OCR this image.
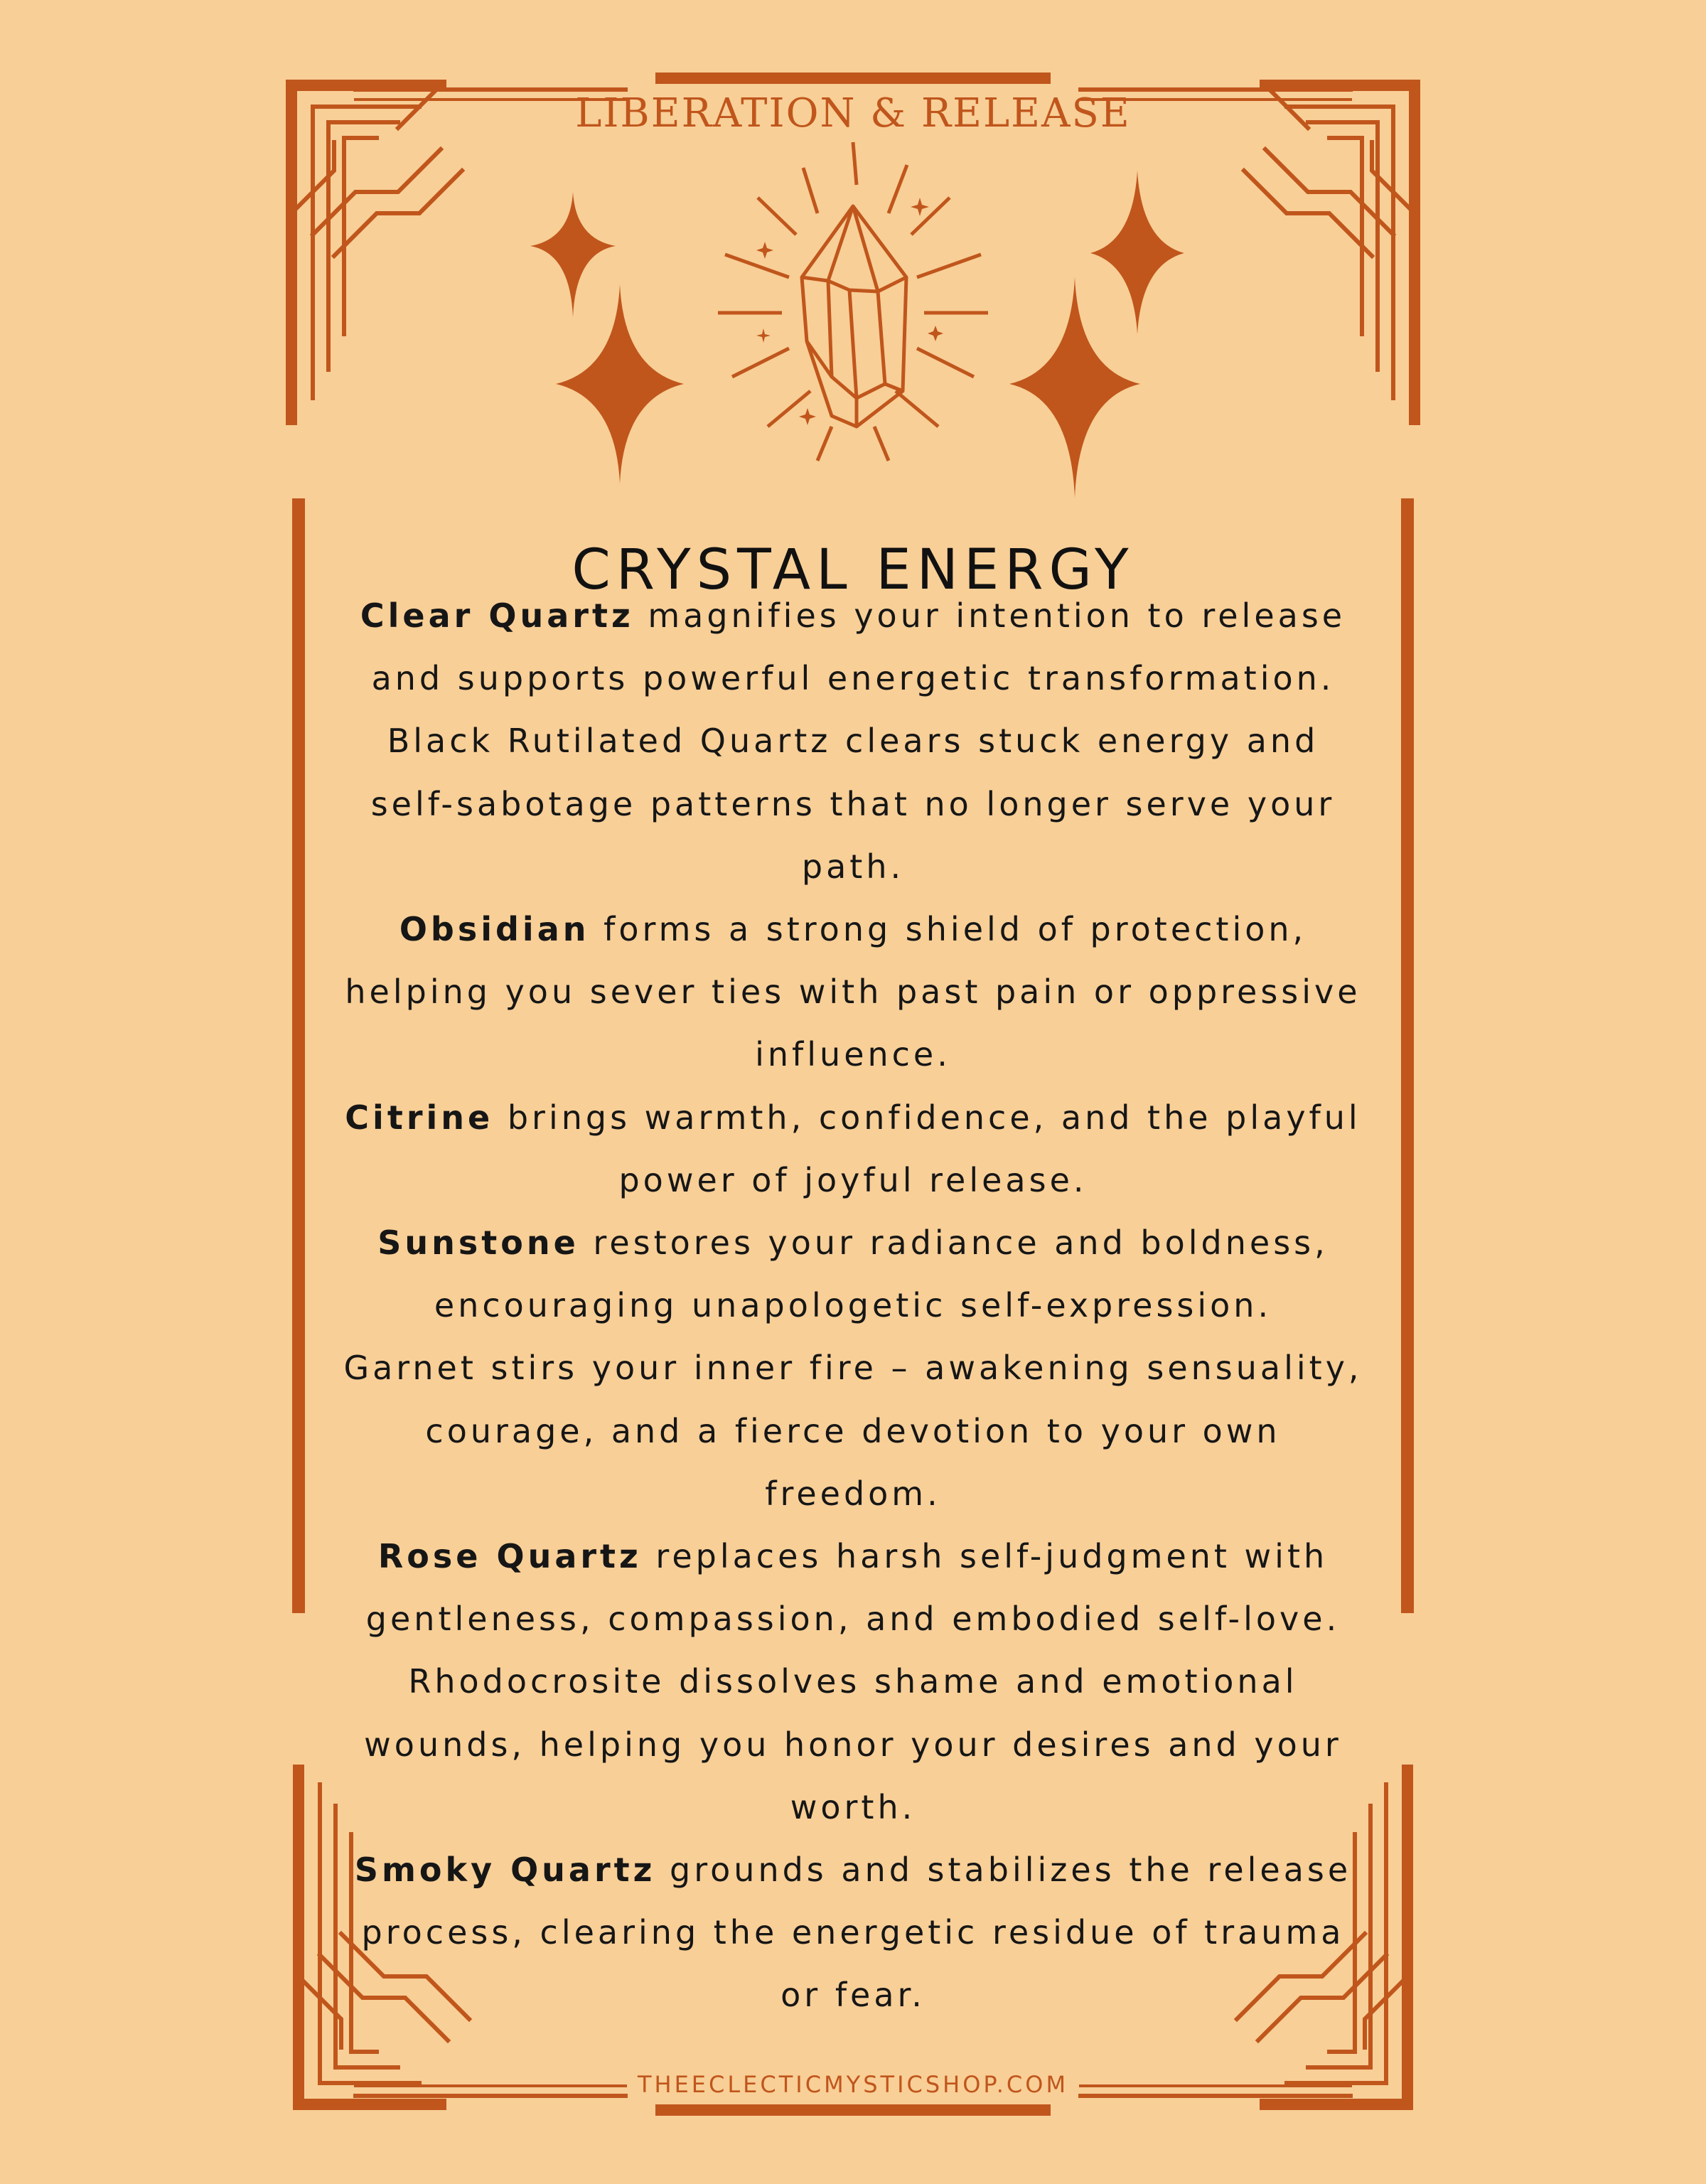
LIBERATION & RELEASE
CRYSTAL ENERGY

Clear Quartz magnifies your intention to release and supports powerful energetic transformation.

Black Rutilated Quartz clears stuck energy and self-sabotage patterns that no longer serve your path.

Obsidian forms a strong shield of protection, helping you sever ties with past pain or oppressive influence.

Citrine brings warmth, confidence, and the playful power of joyful release.

Sunstone restores your radiance and boldness, encouraging unapologetic self-expression.

Garnet stirs your inner fire – awakening sensuality, courage, and a fierce devotion to your own freedom.

Rose Quartz replaces harsh self-judgment with gentleness, compassion, and embodied self-love.

Rhodocrosite dissolves shame and emotional wounds, helping you honor your desires and your worth.

Smoky Quartz grounds and stabilizes the release process, clearing the energetic residue of trauma or fear.

THEECLECTICMYSTICSHOP.COM
